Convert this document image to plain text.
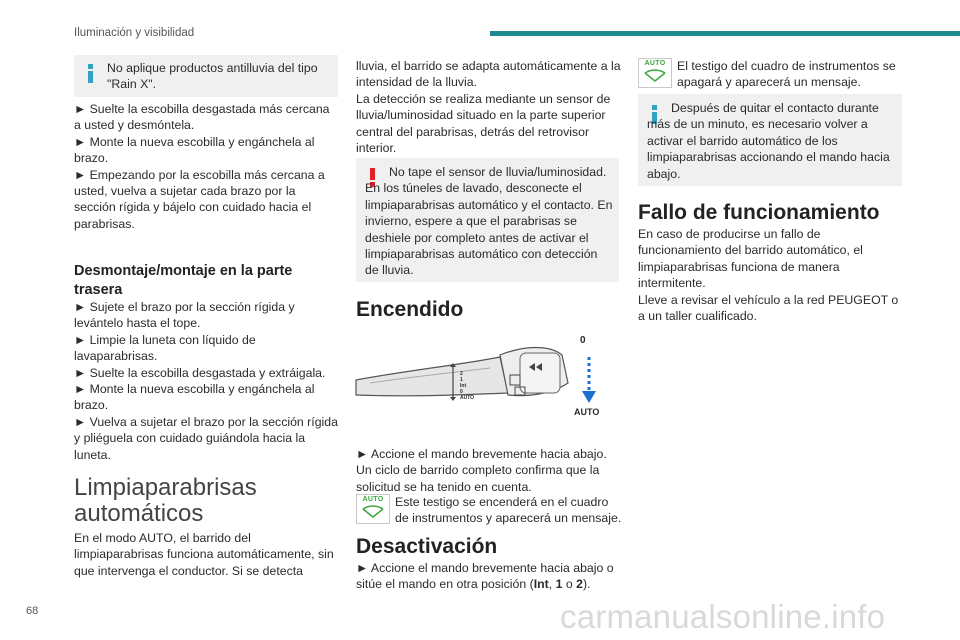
Iluminación y visibilidad
No aplique productos antilluvia del tipo "Rain X".

► Suelte la escobilla desgastada más cercana a usted y desmóntela.

► Monte la nueva escobilla y engánchela al brazo.

► Empezando por la escobilla más cercana a usted, vuelva a sujetar cada brazo por la sección rígida y bájelo con cuidado hacia el parabrisas.

Desmontaje/montaje en la parte trasera

► Sujete el brazo por la sección rígida y levántelo hasta el tope.

► Limpie la luneta con líquido de lavaparabrisas.

► Suelte la escobilla desgastada y extráigala.

► Monte la nueva escobilla y engánchela al brazo.

► Vuelva a sujetar el brazo por la sección rígida y pliéguela con cuidado guiándola hacia la luneta.

Limpiaparabrisas automáticos
En el modo AUTO, el barrido del limpiaparabrisas funciona automáticamente, sin que intervenga el conductor. Si se detecta

lluvia, el barrido se adapta automáticamente a la intensidad de la lluvia.

La detección se realiza mediante un sensor de lluvia/luminosidad situado en la parte superior central del parabrisas, detrás del retrovisor interior.

No tape el sensor de lluvia/luminosidad. En los túneles de lavado, desconecte el limpiaparabrisas automático y el contacto. En invierno, espere a que el parabrisas se deshiele por completo antes de activar el limpiaparabrisas automático con detección de lluvia.
Encendido
0
AUTO
2
1
Int
0
AUTO
► Accione el mando brevemente hacia abajo. Un ciclo de barrido completo confirma que la solicitud se ha tenido en cuenta.
AUTO Este testigo se encenderá en el cuadro de instrumentos y aparecerá un mensaje.
Desactivación
► Accione el mando brevemente hacia abajo o sitúe el mando en otra posición (Int, 1 o 2).
AUTO El testigo del cuadro de instrumentos se apagará y aparecerá un mensaje.
Después de quitar el contacto durante más de un minuto, es necesario volver a activar el barrido automático de los limpiaparabrisas accionando el mando hacia abajo.
Fallo de funcionamiento

En caso de producirse un fallo de funcionamiento del barrido automático, el limpiaparabrisas funciona de manera intermitente.

Lleve a revisar el vehículo a la red PEUGEOT o a un taller cualificado.

68	carmanualsonline.info
